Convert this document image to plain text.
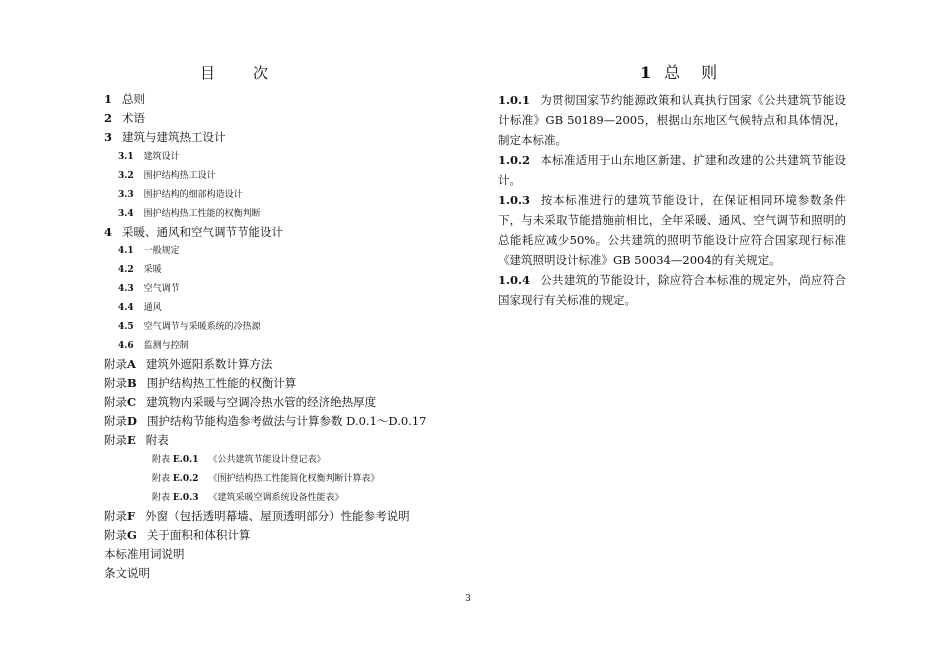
目 次
1 总则
2 术语
3 建筑与建筑热工设计
3.1 建筑设计
3.2 围护结构热工设计
3.3 围护结构的细部构造设计
3.4 围护结构热工性能的权衡判断
4 采暖、通风和空气调节节能设计
4.1 一般规定
4.2 采暖
4.3 空气调节
4.4 通风
4.5 空气调节与采暖系统的冷热源
4.6 监测与控制
附录A 建筑外遮阳系数计算方法
附录B 围护结构热工性能的权衡计算
附录C 建筑物内采暖与空调冷热水管的经济绝热厚度
附录D 围护结构节能构造参考做法与计算参数 D.0.1～D.0.17
附录E 附表
附表 E.0.1 《公共建筑节能设计登记表》
附表 E.0.2 《围护结构热工性能简化权衡判断计算表》
附表 E.0.3 《建筑采暖空调系统设备性能表》
附录F 外窗（包括透明幕墙、屋顶透明部分）性能参考说明
附录G 关于面积和体积计算
本标准用词说明
条文说明
1 总 则
1.0.1 为贯彻国家节约能源政策和认真执行国家《公共建筑节能设计标准》GB 50189—2005，根据山东地区气候特点和具体情况，制定本标准。
1.0.2 本标准适用于山东地区新建、扩建和改建的公共建筑节能设计。
1.0.3 按本标准进行的建筑节能设计，在保证相同环境参数条件下，与未采取节能措施前相比，全年采暖、通风、空气调节和照明的总能耗应减少50%。公共建筑的照明节能设计应符合国家现行标准《建筑照明设计标准》GB 50034—2004的有关规定。
1.0.4 公共建筑的节能设计，除应符合本标准的规定外，尚应符合国家现行有关标准的规定。
3
